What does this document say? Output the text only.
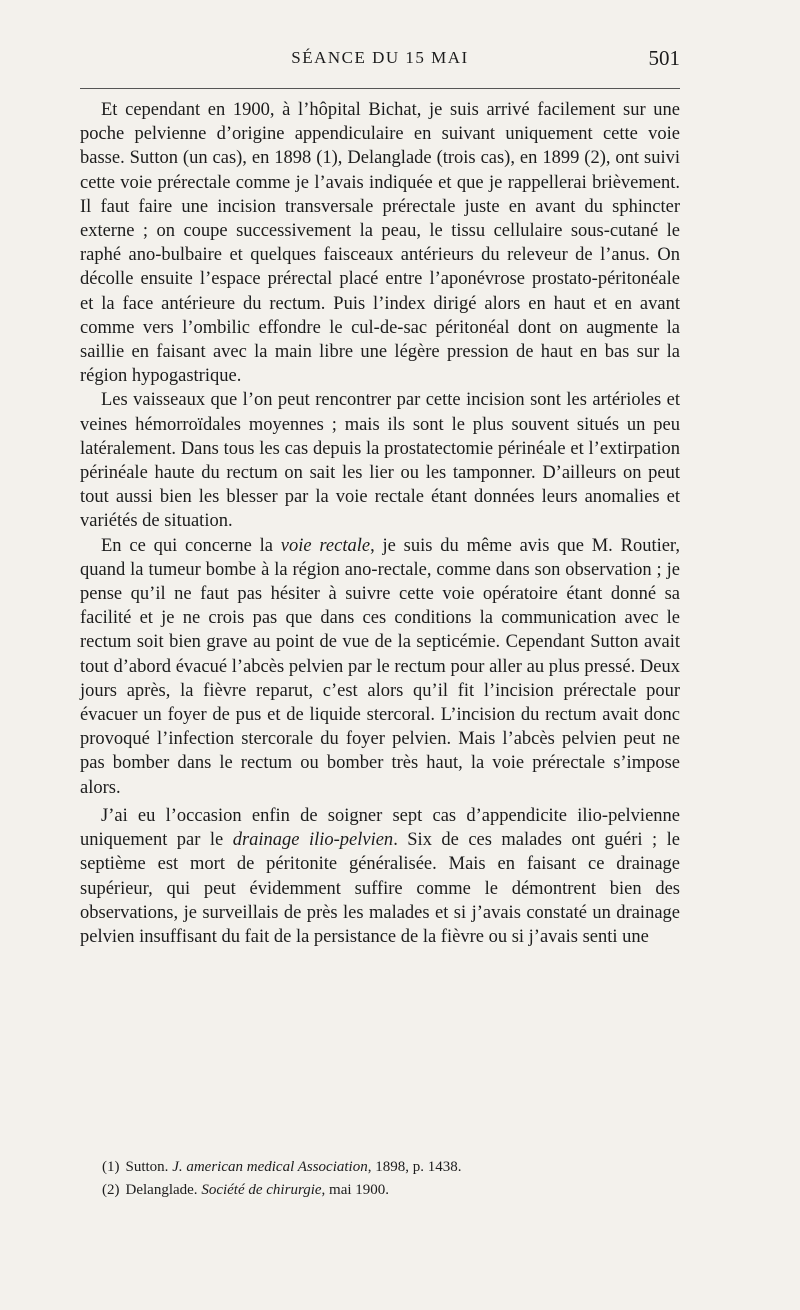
SÉANCE DU 15 MAI	501

Et cependant en 1900, à l’hôpital Bichat, je suis arrivé facilement sur une poche pelvienne d’origine appendiculaire en suivant uniquement cette voie basse. Sutton (un cas), en 1898 (1), Delanglade (trois cas), en 1899 (2), ont suivi cette voie prérectale comme je l’avais indiquée et que je rappellerai brièvement. Il faut faire une incision transversale prérectale juste en avant du sphincter externe ; on coupe successivement la peau, le tissu cellulaire sous-cutané le raphé ano-bulbaire et quelques faisceaux antérieurs du releveur de l’anus. On décolle ensuite l’espace prérectal placé entre l’aponévrose prostato-péritonéale et la face antérieure du rectum. Puis l’index dirigé alors en haut et en avant comme vers l’ombilic effondre le cul-de-sac péritonéal dont on augmente la saillie en faisant avec la main libre une légère pression de haut en bas sur la région hypogastrique.

Les vaisseaux que l’on peut rencontrer par cette incision sont les artérioles et veines hémorroïdales moyennes ; mais ils sont le plus souvent situés un peu latéralement. Dans tous les cas depuis la prostatectomie périnéale et l’extirpation périnéale haute du rectum on sait les lier ou les tamponner. D’ailleurs on peut tout aussi bien les blesser par la voie rectale étant données leurs anomalies et variétés de situation.

En ce qui concerne la voie rectale, je suis du même avis que M. Routier, quand la tumeur bombe à la région ano-rectale, comme dans son observation ; je pense qu’il ne faut pas hésiter à suivre cette voie opératoire étant donné sa facilité et je ne crois pas que dans ces conditions la communication avec le rectum soit bien grave au point de vue de la septicémie. Cependant Sutton avait tout d’abord évacué l’abcès pelvien par le rectum pour aller au plus pressé. Deux jours après, la fièvre reparut, c’est alors qu’il fit l’incision prérectale pour évacuer un foyer de pus et de liquide stercoral. L’incision du rectum avait donc provoqué l’infection stercorale du foyer pelvien. Mais l’abcès pelvien peut ne pas bomber dans le rectum ou bomber très haut, la voie prérectale s’impose alors.

J’ai eu l’occasion enfin de soigner sept cas d’appendicite ilio-pelvienne uniquement par le drainage ilio-pelvien. Six de ces malades ont guéri ; le septième est mort de péritonite généralisée. Mais en faisant ce drainage supérieur, qui peut évidemment suffire comme le démontrent bien des observations, je surveillais de près les malades et si j’avais constaté un drainage pelvien insuffisant du fait de la persistance de la fièvre ou si j’avais senti une

(1) Sutton. J. american medical Association, 1898, p. 1438.
(2) Delanglade. Société de chirurgie, mai 1900.
